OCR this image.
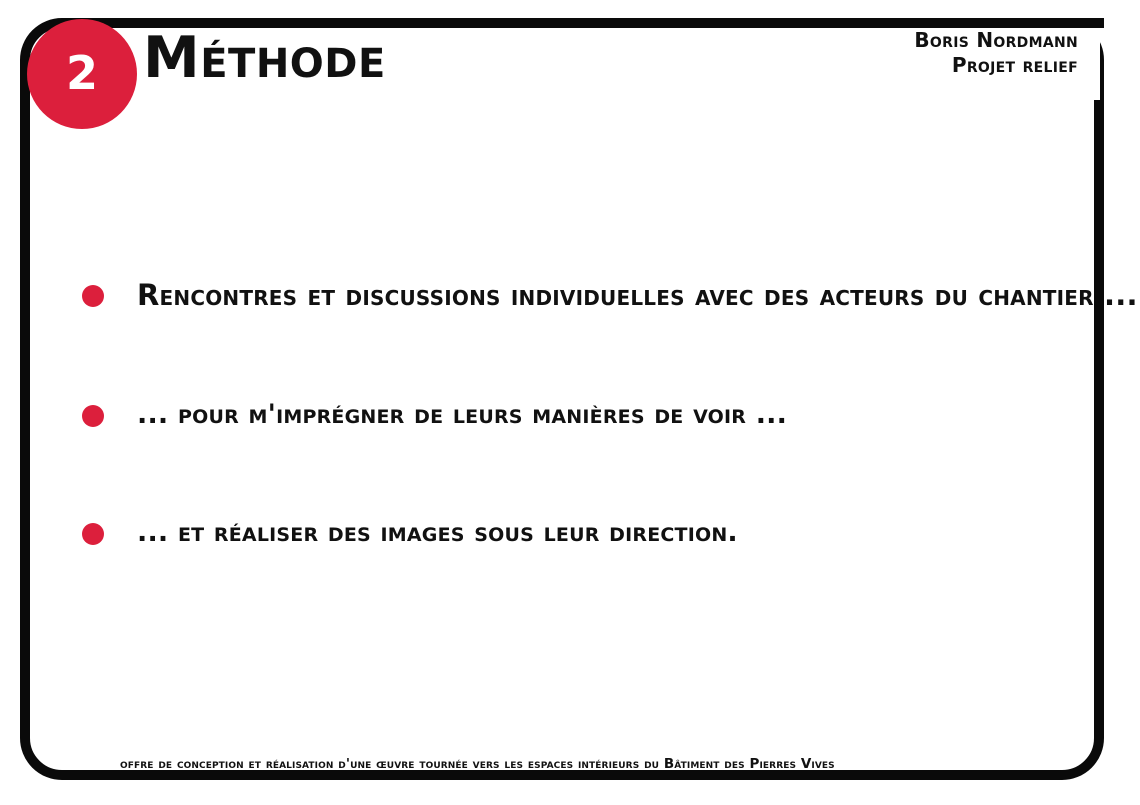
2 Méthode	Boris Nordmann
Projet relief
Rencontres et discussions individuelles avec des acteurs du chantier ...
... pour m'imprégner de leurs manières de voir ...
... et réaliser des images sous leur direction.
offre de conception et réalisation d'une œuvre tournée vers les espaces intérieurs du Bâtiment des Pierres Vives
